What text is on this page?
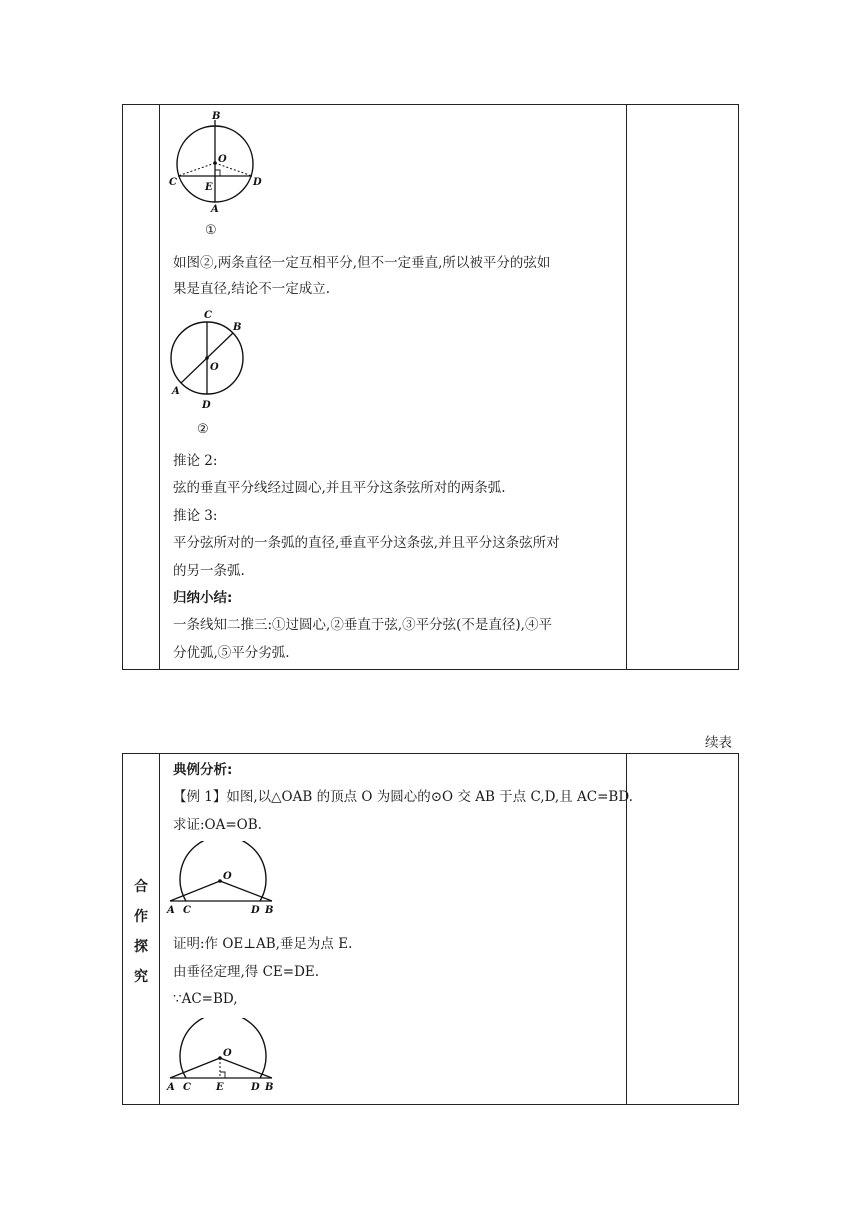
B
O
C	E	D
A
①
如图②,两条直径一定互相平分,但不一定垂直,所以被平分的弦如
果是直径,结论不一定成立.
C
B
O
A
D
②
推论 2:
弦的垂直平分线经过圆心,并且平分这条弦所对的两条弧.
推论 3:
平分弦所对的一条弧的直径,垂直平分这条弦,并且平分这条弦所对
的另一条弧.
归纳小结:
一条线知二推三:①过圆心,②垂直于弦,③平分弦(不是直径),④平
分优弧,⑤平分劣弧.
续表
合
作
探
究
典例分析:
【例 1】如图,以△OAB 的顶点 O 为圆心的⊙O 交 AB 于点 C,D,且 AC=BD.
求证:OA=OB.
O
A C	D B
证明:作 OE⊥AB,垂足为点 E.
由垂径定理,得 CE=DE.
∵AC=BD,
O
A C	E	D B
